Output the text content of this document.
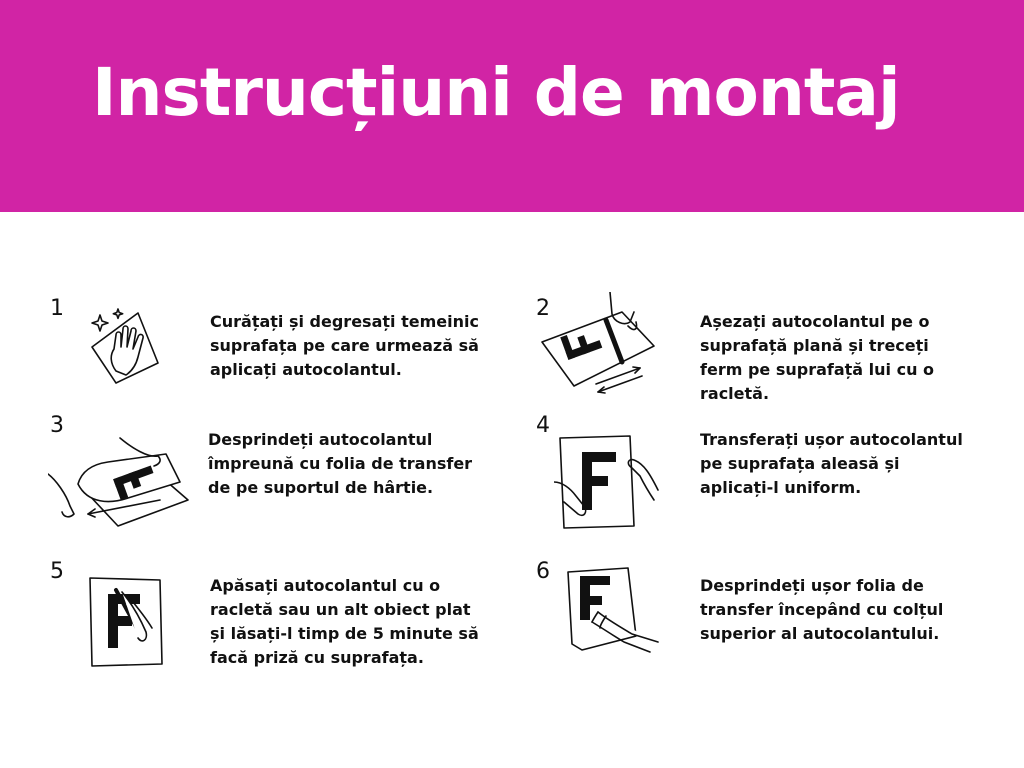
Instrucțiuni de montaj
1

Curățați și degresați temeinic
suprafața pe care urmează să
aplicați autocolantul.

2

Așezați autocolantul pe o
suprafață plană și treceți
ferm pe suprafață lui cu o
racletă.

3

Desprindeți autocolantul
împreună cu folia de transfer
de pe suportul de hârtie.

4

Transferați ușor autocolantul
pe suprafața aleasă și
aplicați-l uniform.

5

Apăsați autocolantul cu o
racletă sau un alt obiect plat
și lăsați-l timp de 5 minute să
facă priză cu suprafața.

6

Desprindeți ușor folia de
transfer începând cu colțul
superior al autocolantului.
